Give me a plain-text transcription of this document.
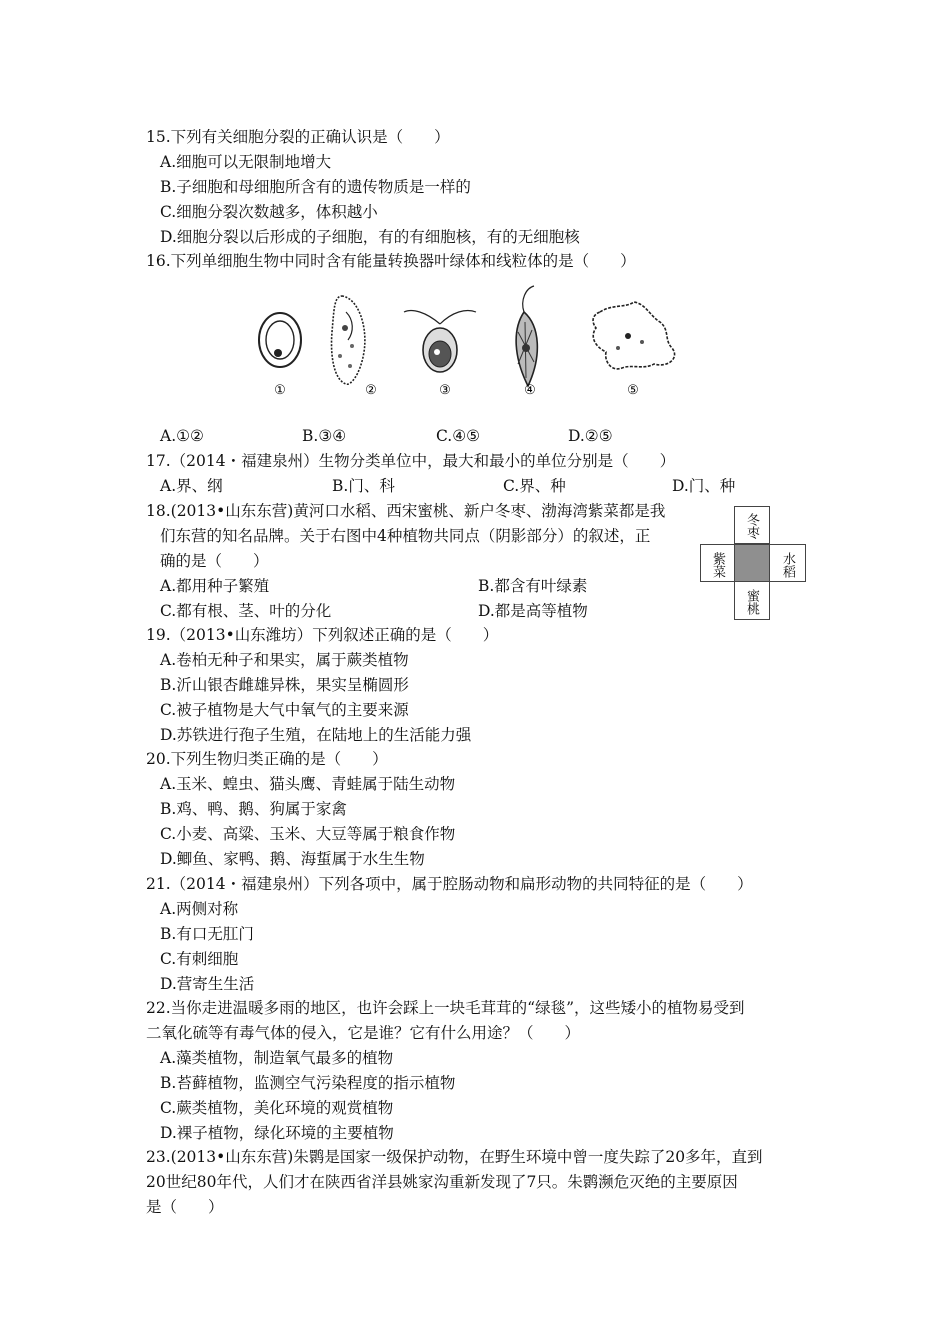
15.下列有关细胞分裂的正确认识是（　　）
A.细胞可以无限制地增大
B.子细胞和母细胞所含有的遗传物质是一样的
C.细胞分裂次数越多，体积越小
D.细胞分裂以后形成的子细胞，有的有细胞核，有的无细胞核
16.下列单细胞生物中同时含有能量转换器叶绿体和线粒体的是（　　）
①	②	③	④	⑤
A.①②	B.③④	C.④⑤	D.②⑤
17.（2014・福建泉州）生物分类单位中，最大和最小的单位分别是（　　）
A.界、纲	B.门、科	C.界、种	D.门、种
18.(2013•山东东营)黄河口水稻、西宋蜜桃、新户冬枣、渤海湾紫菜都是我
们东营的知名品牌。关于右图中4种植物共同点（阴影部分）的叙述，正
确的是（　　）
A.都用种子繁殖	B.都含有叶绿素
C.都有根、茎、叶的分化	D.都是高等植物
冬枣
紫菜	水稻
蜜桃
19.（2013•山东潍坊）下列叙述正确的是（　　）
A.卷柏无种子和果实，属于蕨类植物
B.沂山银杏雌雄异株，果实呈椭圆形
C.被子植物是大气中氧气的主要来源
D.苏铁进行孢子生殖，在陆地上的生活能力强
20.下列生物归类正确的是（　　）
A.玉米、蝗虫、猫头鹰、青蛙属于陆生动物
B.鸡、鸭、鹅、狗属于家禽
C.小麦、高粱、玉米、大豆等属于粮食作物
D.鲫鱼、家鸭、鹅、海蜇属于水生生物
21.（2014・福建泉州）下列各项中，属于腔肠动物和扁形动物的共同特征的是（　　）
A.两侧对称
B.有口无肛门
C.有刺细胞
D.营寄生生活
22.当你走进温暖多雨的地区，也许会踩上一块毛茸茸的“绿毯”，这些矮小的植物易受到
二氧化硫等有毒气体的侵入，它是谁？它有什么用途？（　　）
A.藻类植物，制造氧气最多的植物
B.苔藓植物，监测空气污染程度的指示植物
C.蕨类植物，美化环境的观赏植物
D.裸子植物，绿化环境的主要植物
23.(2013•山东东营)朱鹮是国家一级保护动物，在野生环境中曾一度失踪了20多年，直到
20世纪80年代，人们才在陕西省洋县姚家沟重新发现了7只。朱鹮濒危灭绝的主要原因
是（　　）
